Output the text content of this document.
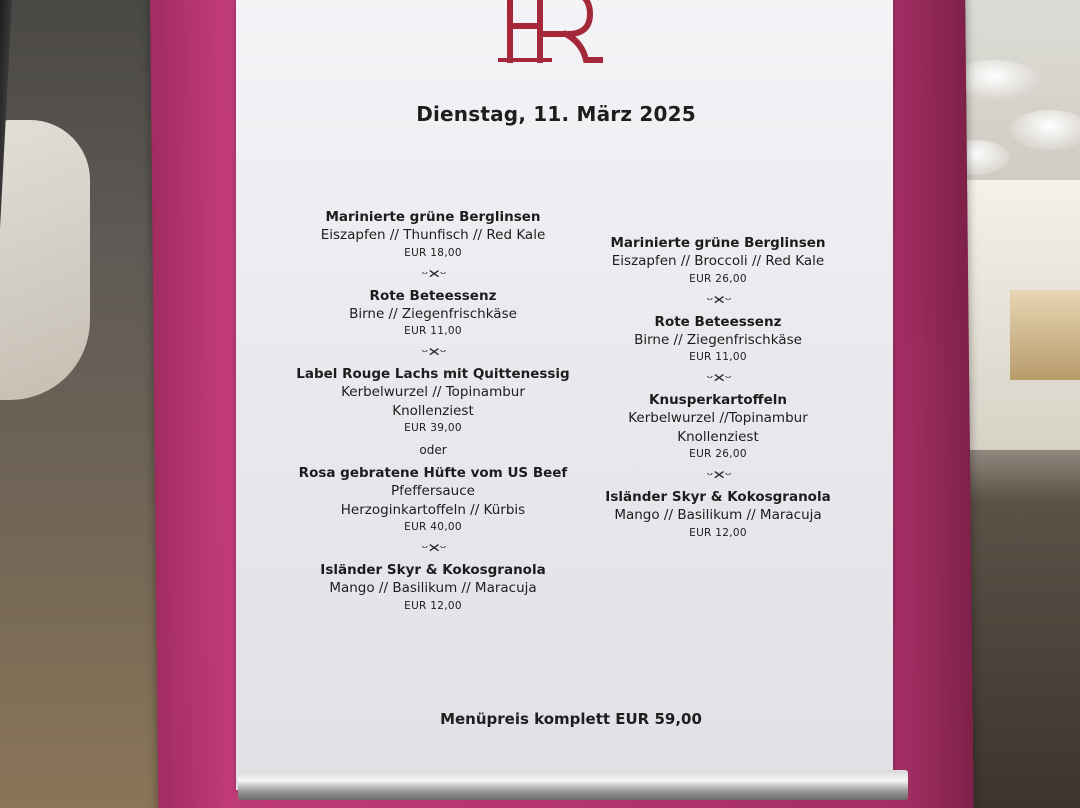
Dienstag, 11. März 2025
Marinierte grüne Berglinsen
Eiszapfen // Thunfisch // Red Kale
EUR 18,00
ᵕ✕ᵕ
Rote Beteessenz
Birne // Ziegenfrischkäse
EUR 11,00
ᵕ✕ᵕ
Label Rouge Lachs mit Quittenessig
Kerbelwurzel // Topinambur
Knollenziest
EUR 39,00
oder
Rosa gebratene Hüfte vom US Beef
Pfeffersauce
Herzoginkartoffeln // Kürbis
EUR 40,00
ᵕ✕ᵕ
Isländer Skyr & Kokosgranola
Mango // Basilikum // Maracuja
EUR 12,00
Marinierte grüne Berglinsen
Eiszapfen // Broccoli // Red Kale
EUR 26,00
ᵕ✕ᵕ
Rote Beteessenz
Birne // Ziegenfrischkäse
EUR 11,00
ᵕ✕ᵕ
Knusperkartoffeln
Kerbelwurzel //Topinambur
Knollenziest
EUR 26,00
ᵕ✕ᵕ
Isländer Skyr & Kokosgranola
Mango // Basilikum // Maracuja
EUR 12,00
Menüpreis komplett EUR 59,00
